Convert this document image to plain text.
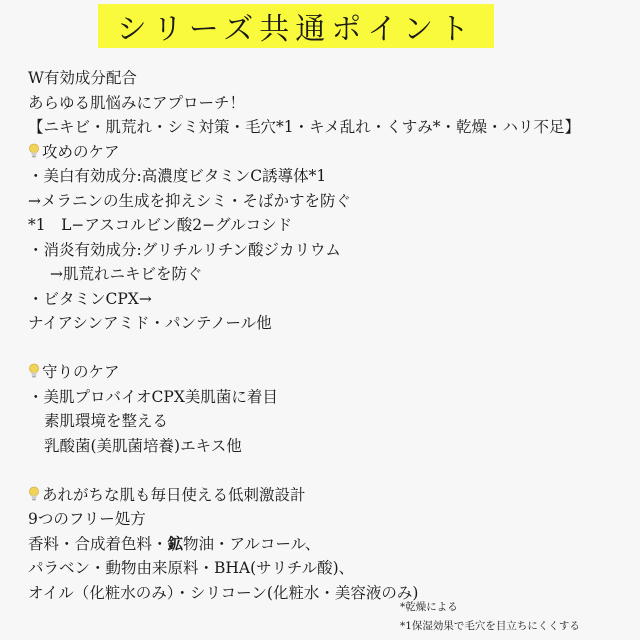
シリーズ共通ポイント
W有効成分配合
あらゆる肌悩みにアプローチ！
【ニキビ・肌荒れ・シミ対策・毛穴*1・キメ乱れ・くすみ*・乾燥・ハリ不足】
攻めのケア
・美白有効成分:高濃度ビタミンC誘導体*1
→メラニンの生成を抑えシミ・そばかすを防ぐ
*1　L−アスコルビン酸2−グルコシド
・消炎有効成分:グリチルリチン酸ジカリウム
→肌荒れニキビを防ぐ
・ビタミンCPX→
ナイアシンアミド・パンテノール他
守りのケア
・美肌プロバイオCPX美肌菌に着目
素肌環境を整える
乳酸菌(美肌菌培養)エキス他
あれがちな肌も毎日使える低刺激設計
9つのフリー処方
香料・合成着色料・鉱物油・アルコール、
パラベン・動物由来原料・BHA(サリチル酸)、
オイル（化粧水のみ）・シリコーン(化粧水・美容液のみ)
*乾燥による
*1保湿効果で毛穴を目立ちにくくする
